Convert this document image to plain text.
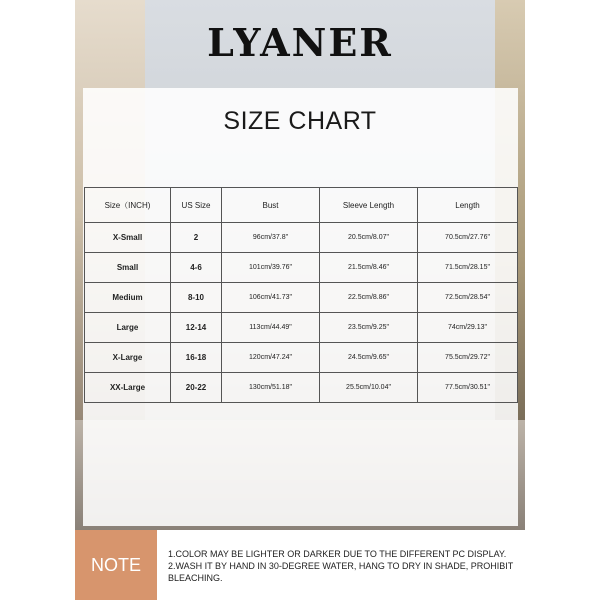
LYANER
SIZE CHART
Size（INCH)	US Size	Bust	Sleeve Length	Length
X-Small	2	96cm/37.8"	20.5cm/8.07"	70.5cm/27.76"
Small	4-6	101cm/39.76"	21.5cm/8.46"	71.5cm/28.15"
Medium	8-10	106cm/41.73"	22.5cm/8.86"	72.5cm/28.54"
Large	12-14	113cm/44.49"	23.5cm/9.25"	74cm/29.13"
X-Large	16-18	120cm/47.24"	24.5cm/9.65"	75.5cm/29.72"
XX-Large	20-22	130cm/51.18"	25.5cm/10.04"	77.5cm/30.51"
NOTE
1.COLOR MAY BE LIGHTER OR DARKER DUE TO THE DIFFERENT PC DISPLAY.
2.WASH IT BY HAND IN 30-DEGREE WATER, HANG TO DRY IN SHADE, PROHIBIT BLEACHING.
